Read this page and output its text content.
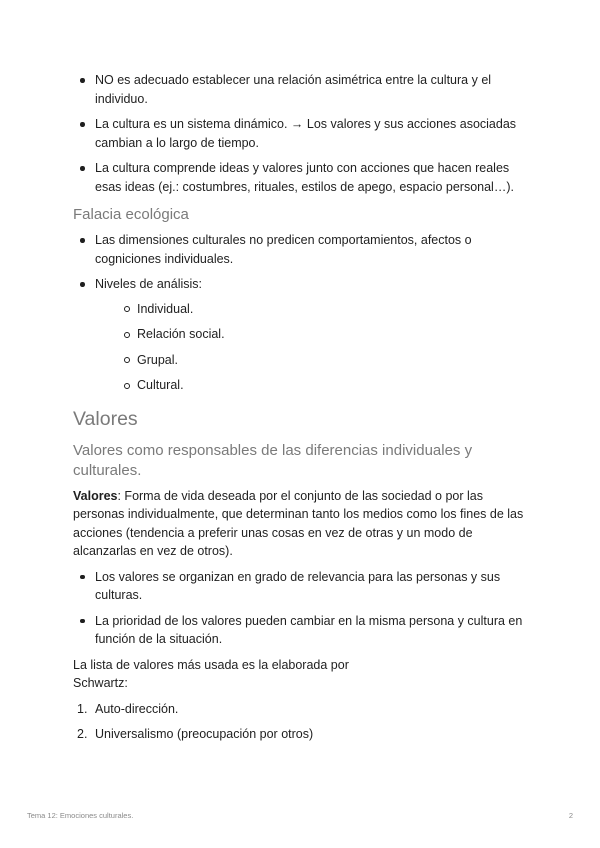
NO es adecuado establecer una relación asimétrica entre la cultura y el individuo.
La cultura es un sistema dinámico. → Los valores y sus acciones asociadas cambian a lo largo de tiempo.
La cultura comprende ideas y valores junto con acciones que hacen reales esas ideas (ej.: costumbres, rituales, estilos de apego, espacio personal…).
Falacia ecológica
Las dimensiones culturales no predicen comportamientos, afectos o cogniciones individuales.
Niveles de análisis:
Individual.
Relación social.
Grupal.
Cultural.
Valores
Valores como responsables de las diferencias individuales y culturales.

Valores: Forma de vida deseada por el conjunto de las sociedad o por las personas individualmente, que determinan tanto los medios como los fines de las acciones (tendencia a preferir unas cosas en vez de otras y un modo de alcanzarlas en vez de otros).

Los valores se organizan en grado de relevancia para las personas y sus culturas.
La prioridad de los valores pueden cambiar en la misma persona y cultura en función de la situación.

La lista de valores más usada es la elaborada por
Schwartz:

1. Auto-dirección.
2. Universalismo (preocupación por otros)
Tema 12: Emociones culturales.	2
